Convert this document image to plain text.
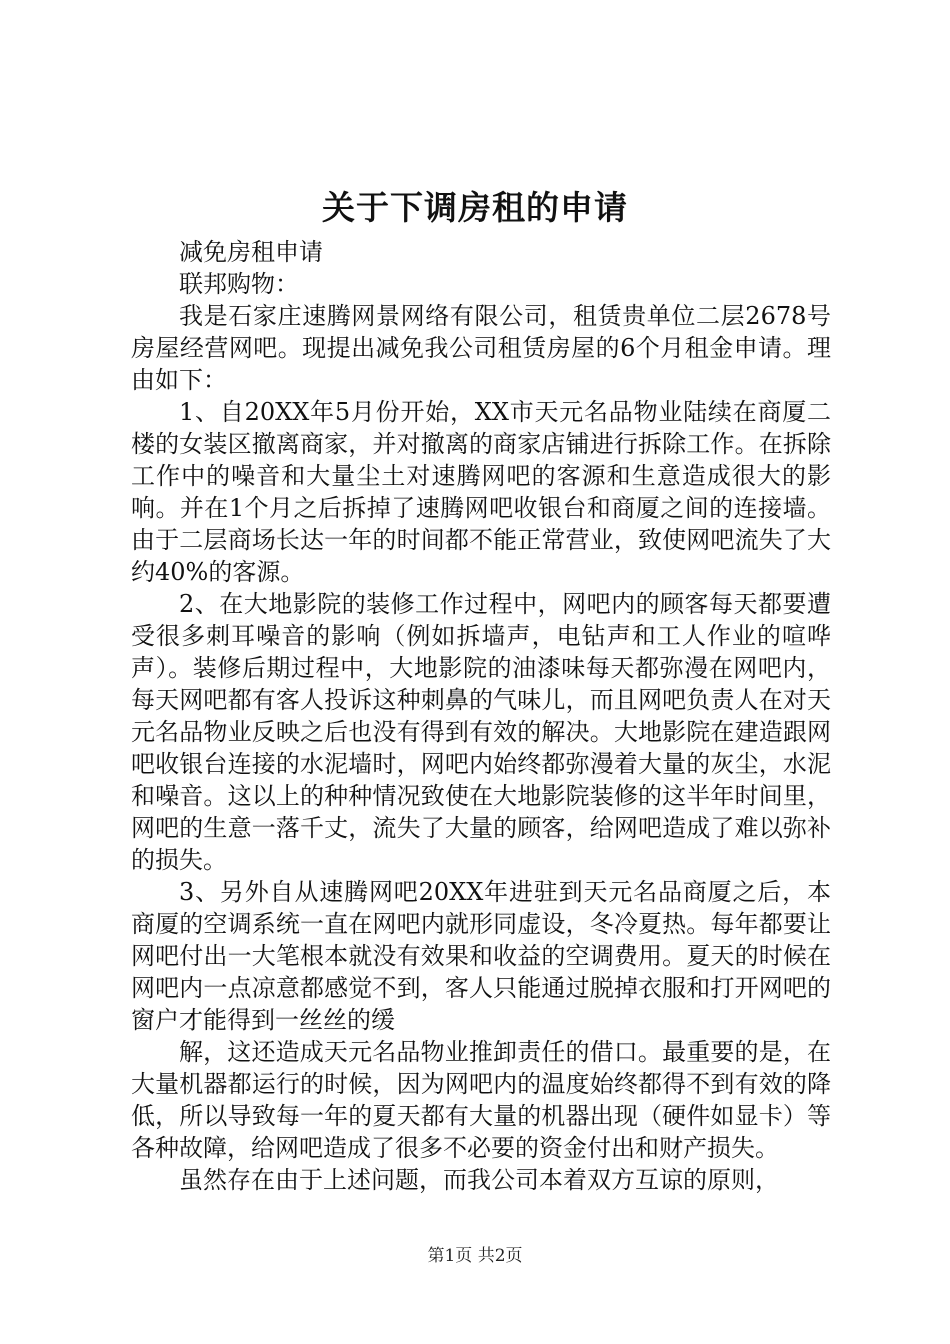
关于下调房租的申请

减免房租申请

联邦购物：

我是石家庄速腾网景网络有限公司，租赁贵单位二层2678号房屋经营网吧。现提出减免我公司租赁房屋的6个月租金申请。理由如下：

1、自20XX年5月份开始，XX市天元名品物业陆续在商厦二楼的女装区撤离商家，并对撤离的商家店铺进行拆除工作。在拆除工作中的噪音和大量尘土对速腾网吧的客源和生意造成很大的影响。并在1个月之后拆掉了速腾网吧收银台和商厦之间的连接墙。由于二层商场长达一年的时间都不能正常营业，致使网吧流失了大约40%的客源。

2、在大地影院的装修工作过程中，网吧内的顾客每天都要遭受很多刺耳噪音的影响（例如拆墙声，电钻声和工人作业的喧哗声）。装修后期过程中，大地影院的油漆味每天都弥漫在网吧内，每天网吧都有客人投诉这种刺鼻的气味儿，而且网吧负责人在对天元名品物业反映之后也没有得到有效的解决。大地影院在建造跟网吧收银台连接的水泥墙时，网吧内始终都弥漫着大量的灰尘，水泥和噪音。这以上的种种情况致使在大地影院装修的这半年时间里，网吧的生意一落千丈，流失了大量的顾客，给网吧造成了难以弥补的损失。

3、另外自从速腾网吧20XX年进驻到天元名品商厦之后，本商厦的空调系统一直在网吧内就形同虚设，冬冷夏热。每年都要让网吧付出一大笔根本就没有效果和收益的空调费用。夏天的时候在网吧内一点凉意都感觉不到，客人只能通过脱掉衣服和打开网吧的窗户才能得到一丝丝的缓

解，这还造成天元名品物业推卸责任的借口。最重要的是，在大量机器都运行的时候，因为网吧内的温度始终都得不到有效的降低，所以导致每一年的夏天都有大量的机器出现（硬件如显卡）等各种故障，给网吧造成了很多不必要的资金付出和财产损失。

虽然存在由于上述问题，而我公司本着双方互谅的原则，

第1页 共2页
